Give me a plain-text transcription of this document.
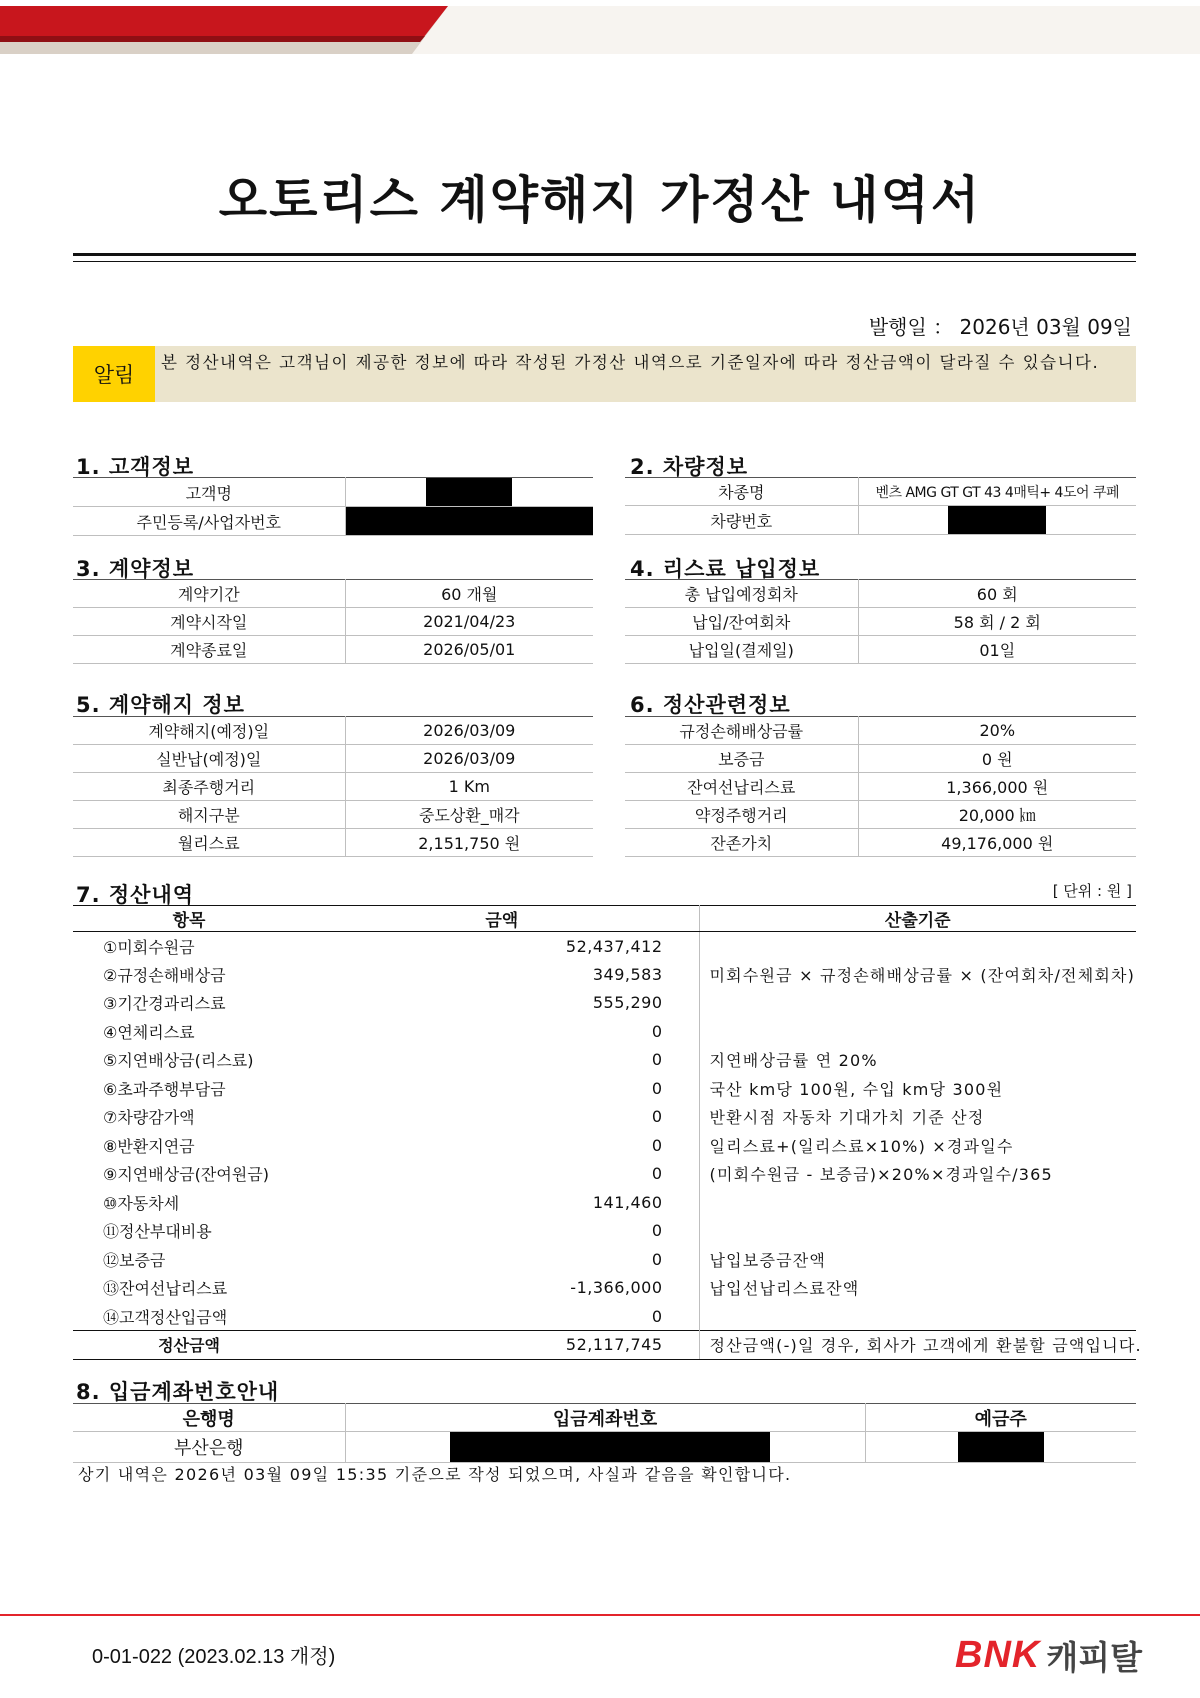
오토리스 계약해지 가정산 내역서
발행일 ： 2026년 03월 09일
알림
본 정산내역은 고객님이 제공한 정보에 따라 작성된 가정산 내역으로 기준일자에 따라 정산금액이 달라질 수 있습니다.
1. 고객정보
고객명	
주민등록/사업자번호	
2. 차량정보
차종명	벤츠 AMG GT GT 43 4매틱+ 4도어 쿠페
차량번호	
3. 계약정보
계약기간	60 개월
계약시작일	2021/04/23
계약종료일	2026/05/01
4. 리스료 납입정보
총 납입예정회차	60 회
납입/잔여회차	58 회 / 2 회
납입일(결제일)	01일
5. 계약해지 정보
계약해지(예정)일	2026/03/09
실반납(예정)일	2026/03/09
최종주행거리	1 Km
해지구분	중도상환_매각
월리스료	2,151,750 원
6. 정산관련정보
규정손해배상금률	20%
보증금	0 원
잔여선납리스료	1,366,000 원
약정주행거리	20,000 ㎞
잔존가치	49,176,000 원
7. 정산내역	[ 단위 : 원 ]
항목	금액	산출기준
①미회수원금	52,437,412	
②규정손해배상금	349,583	미회수원금 × 규정손해배상금률 × (잔여회차/전체회차)
③기간경과리스료	555,290	
④연체리스료	0	
⑤지연배상금(리스료)	0	지연배상금률 연 20%
⑥초과주행부담금	0	국산 km당 100원, 수입 km당 300원
⑦차량감가액	0	반환시점 자동차 기대가치 기준 산정
⑧반환지연금	0	일리스료+(일리스료×10%) ×경과일수
⑨지연배상금(잔여원금)	0	(미회수원금 - 보증금)×20%×경과일수/365
⑩자동차세	141,460	
⑪정산부대비용	0	
⑫보증금	0	납입보증금잔액
⑬잔여선납리스료	-1,366,000	납입선납리스료잔액
⑭고객정산입금액	0	
정산금액	52,117,745	정산금액(-)일 경우, 회사가 고객에게 환불할 금액입니다.
8. 입금계좌번호안내
은행명	입금계좌번호	예금주
부산은행		
상기 내역은 2026년 03월 09일 15:35 기준으로 작성 되었으며, 사실과 같음을 확인합니다.
0-01-022 (2023.02.13 개정)	BNK 캐피탈
